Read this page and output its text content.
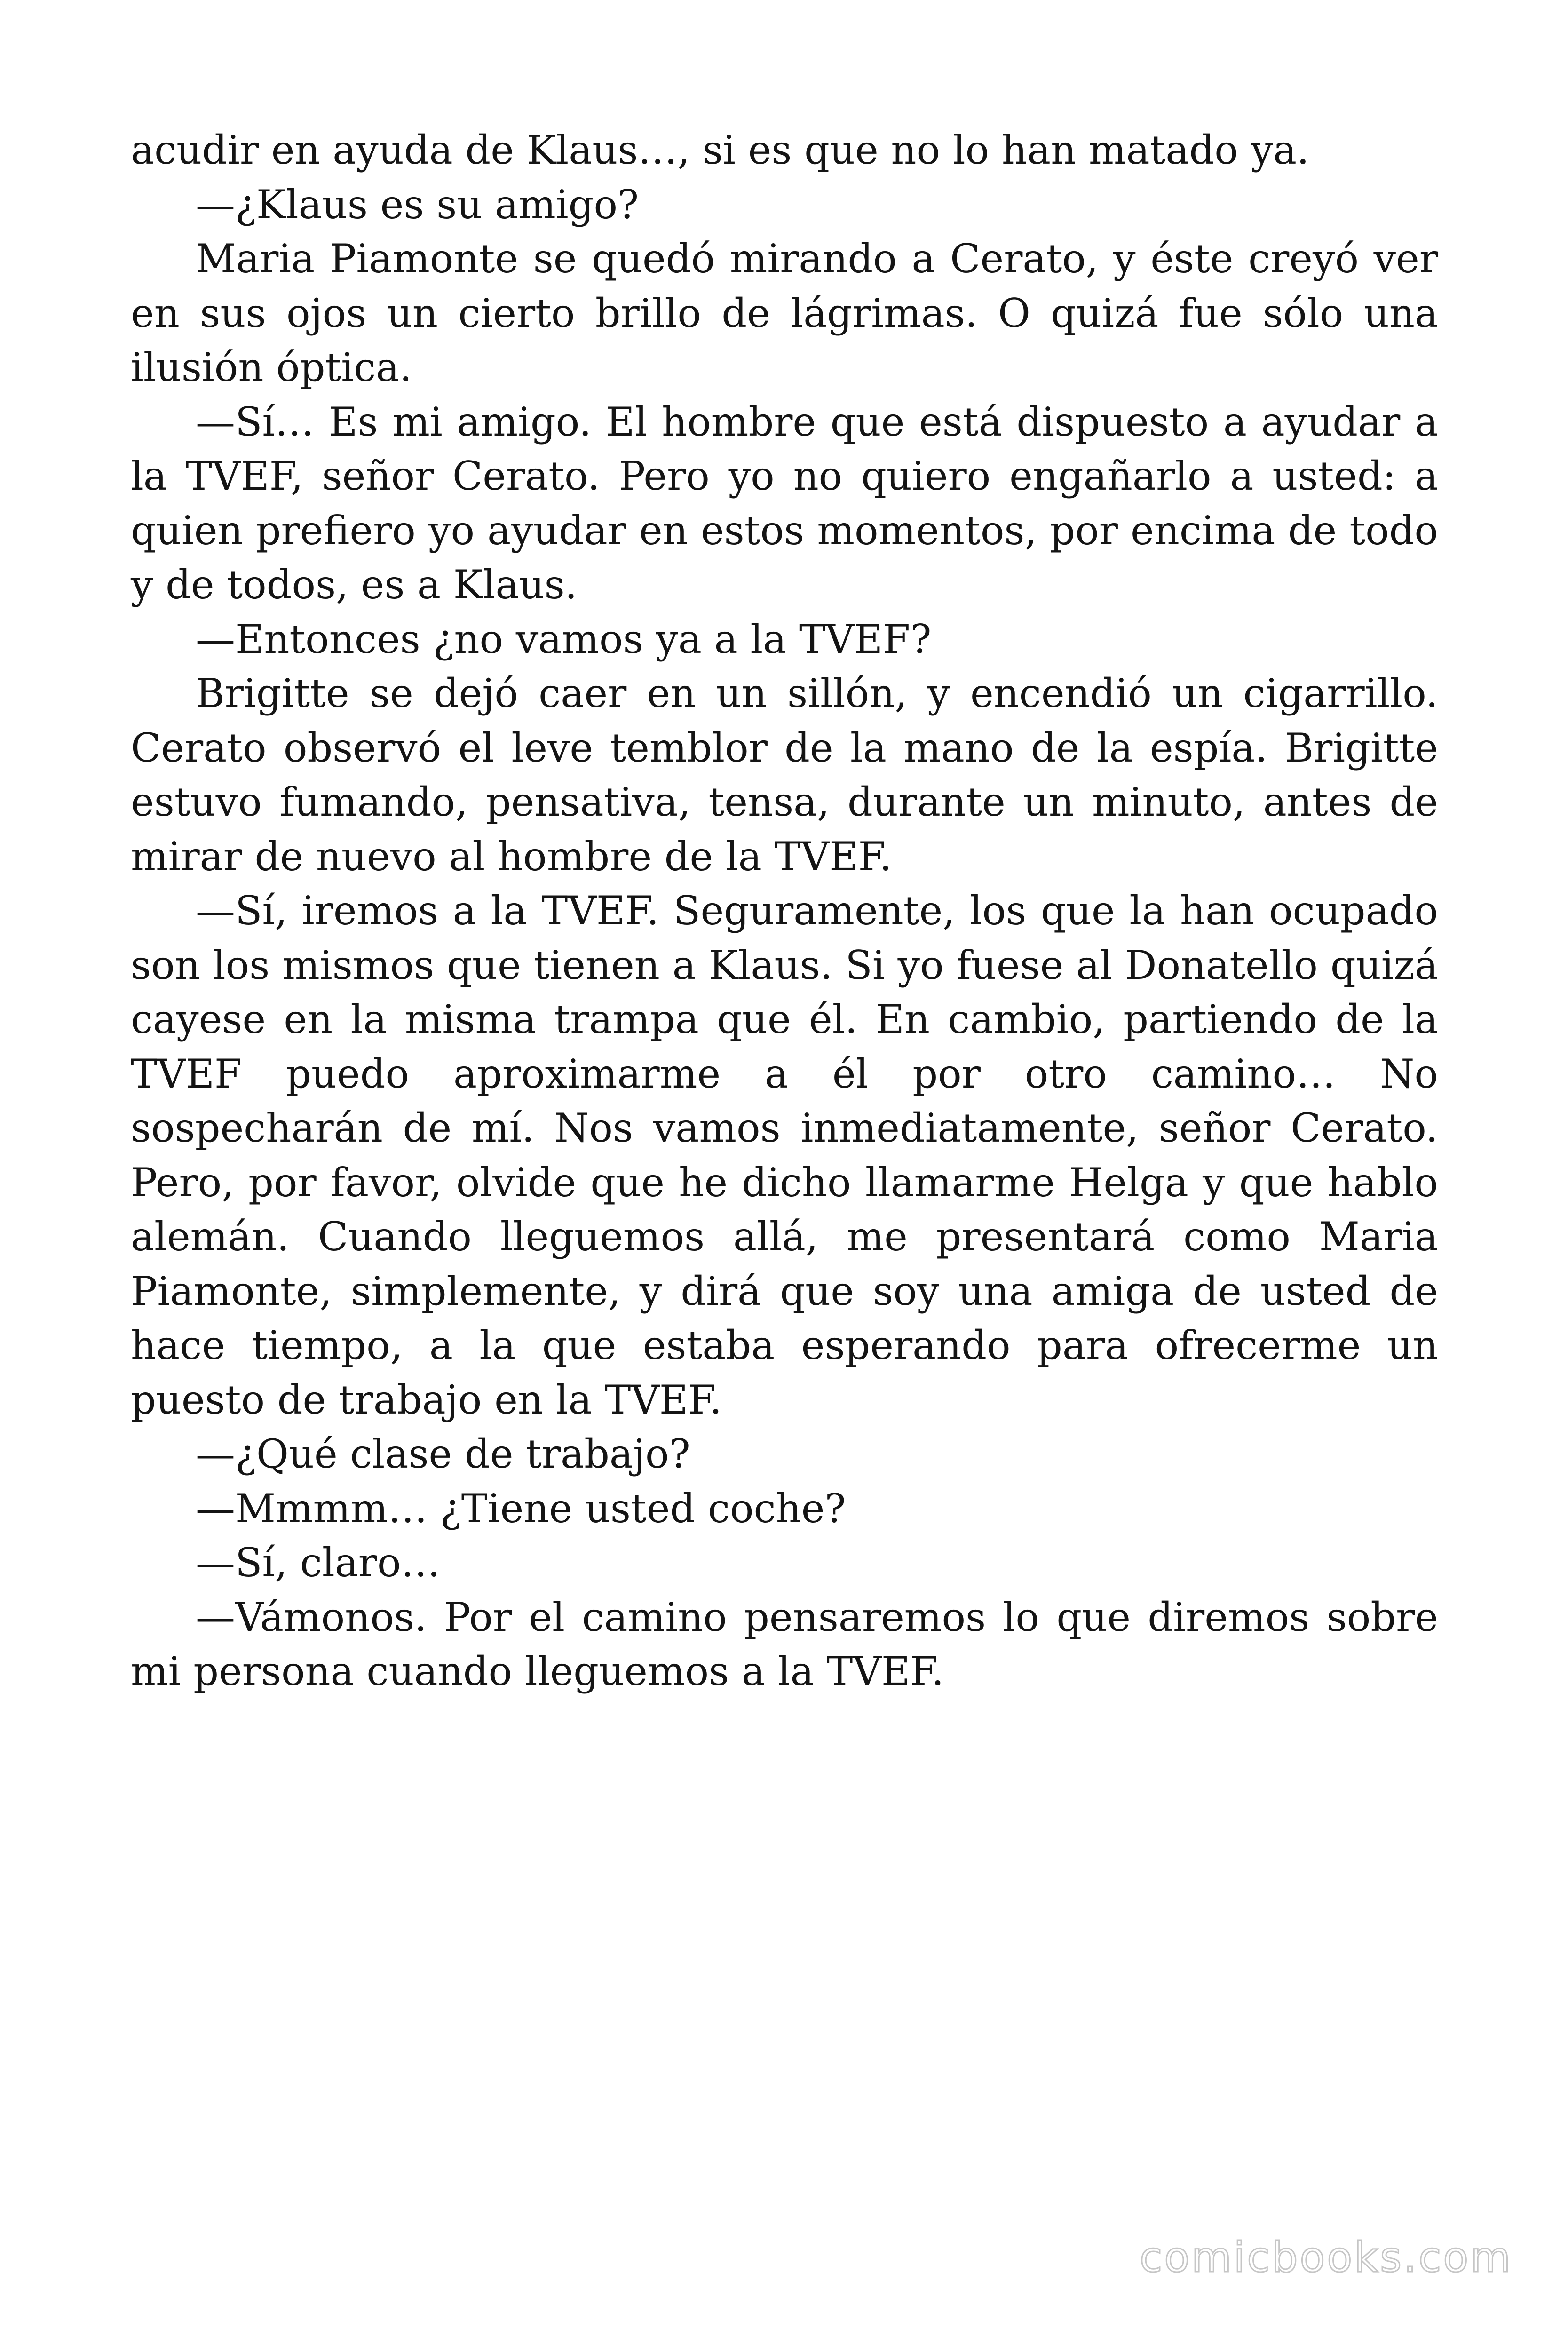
acudir en ayuda de Klaus…, si es que no lo han matado ya.

—¿Klaus es su amigo?

Maria Piamonte se quedó mirando a Cerato, y éste creyó ver en sus ojos un cierto brillo de lágrimas. O quizá fue sólo una ilusión óptica.

—Sí… Es mi amigo. El hombre que está dispuesto a ayudar a la TVEF, señor Cerato. Pero yo no quiero engañarlo a usted: a quien prefiero yo ayudar en estos momentos, por encima de todo y de todos, es a Klaus.

—Entonces ¿no vamos ya a la TVEF?

Brigitte se dejó caer en un sillón, y encendió un cigarrillo. Cerato observó el leve temblor de la mano de la espía. Brigitte estuvo fumando, pensativa, tensa, durante un minuto, antes de mirar de nuevo al hombre de la TVEF.

—Sí, iremos a la TVEF. Seguramente, los que la han ocupado son los mismos que tienen a Klaus. Si yo fuese al Donatello quizá cayese en la misma trampa que él. En cambio, partiendo de la TVEF puedo aproximarme a él por otro camino… No sospecharán de mí. Nos vamos inmediatamente, señor Cerato. Pero, por favor, olvide que he dicho llamarme Helga y que hablo alemán. Cuando lleguemos allá, me presentará como Maria Piamonte, simplemente, y dirá que soy una amiga de usted de hace tiempo, a la que estaba esperando para ofrecerme un puesto de trabajo en la TVEF.

—¿Qué clase de trabajo?

—Mmmm… ¿Tiene usted coche?

—Sí, claro…

—Vámonos. Por el camino pensaremos lo que diremos sobre mi persona cuando lleguemos a la TVEF.

comicbooks.com
